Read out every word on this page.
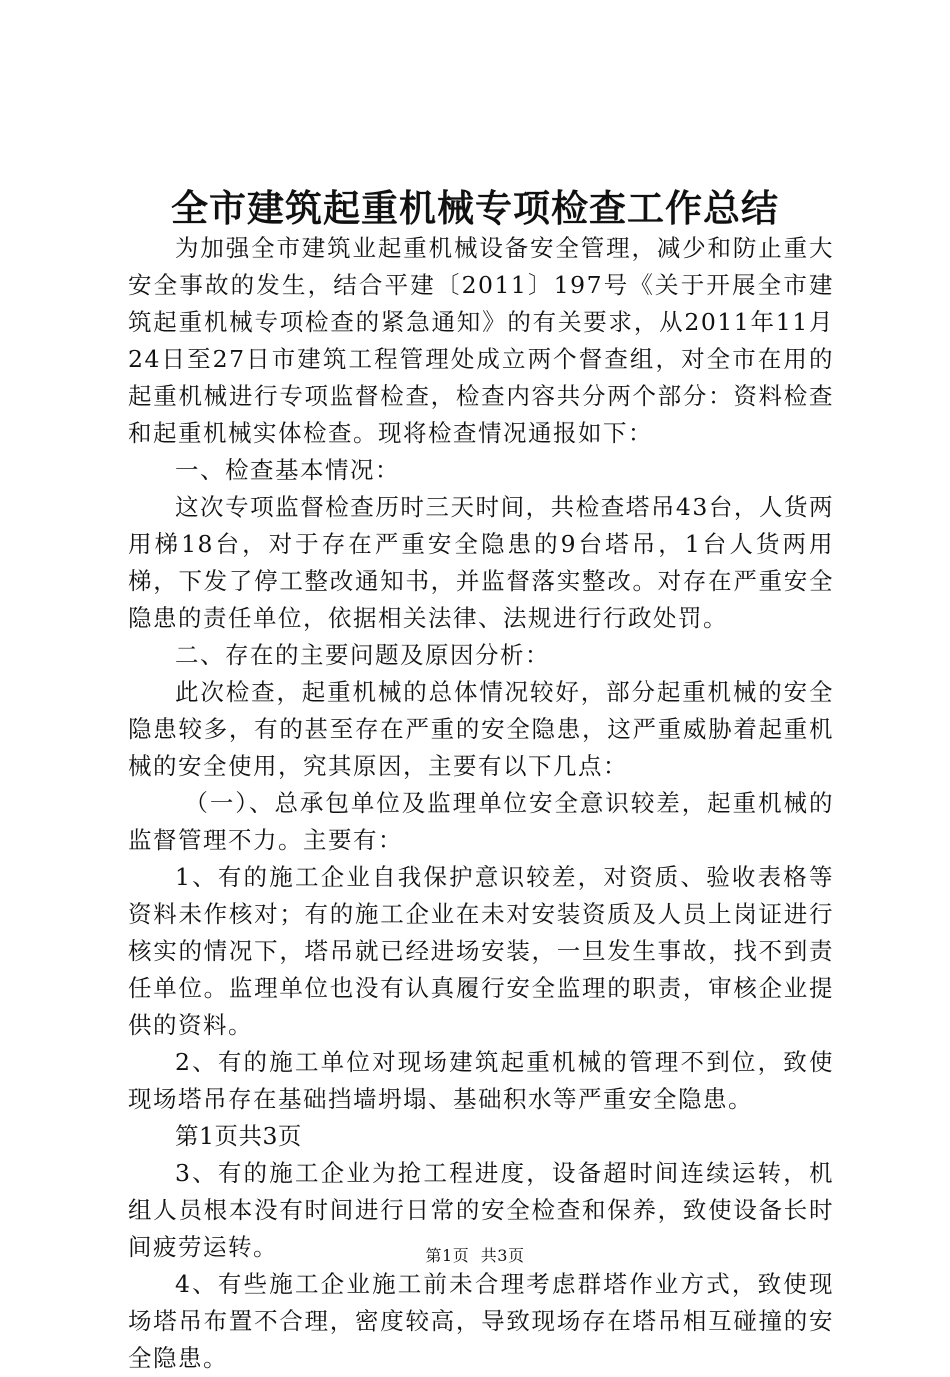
全市建筑起重机械专项检查工作总结

为加强全市建筑业起重机械设备安全管理，减少和防止重大安全事故的发生，结合平建〔2011〕197号《关于开展全市建筑起重机械专项检查的紧急通知》的有关要求，从2011年11月24日至27日市建筑工程管理处成立两个督查组，对全市在用的起重机械进行专项监督检查，检查内容共分两个部分：资料检查和起重机械实体检查。现将检查情况通报如下：

一、检查基本情况：

这次专项监督检查历时三天时间，共检查塔吊43台，人货两用梯18台，对于存在严重安全隐患的9台塔吊，1台人货两用梯，下发了停工整改通知书，并监督落实整改。对存在严重安全隐患的责任单位，依据相关法律、法规进行行政处罚。

二、存在的主要问题及原因分析：

此次检查，起重机械的总体情况较好，部分起重机械的安全隐患较多，有的甚至存在严重的安全隐患，这严重威胁着起重机械的安全使用，究其原因，主要有以下几点：

（一）、总承包单位及监理单位安全意识较差，起重机械的监督管理不力。主要有：

1、有的施工企业自我保护意识较差，对资质、验收表格等资料未作核对；有的施工企业在未对安装资质及人员上岗证进行核实的情况下，塔吊就已经进场安装，一旦发生事故，找不到责任单位。监理单位也没有认真履行安全监理的职责，审核企业提供的资料。

2、有的施工单位对现场建筑起重机械的管理不到位，致使现场塔吊存在基础挡墙坍塌、基础积水等严重安全隐患。

第1页共3页

3、有的施工企业为抢工程进度，设备超时间连续运转，机组人员根本没有时间进行日常的安全检查和保养，致使设备长时间疲劳运转。

4、有些施工企业施工前未合理考虑群塔作业方式，致使现场塔吊布置不合理，密度较高，导致现场存在塔吊相互碰撞的安全隐患。

第1页 共3页
